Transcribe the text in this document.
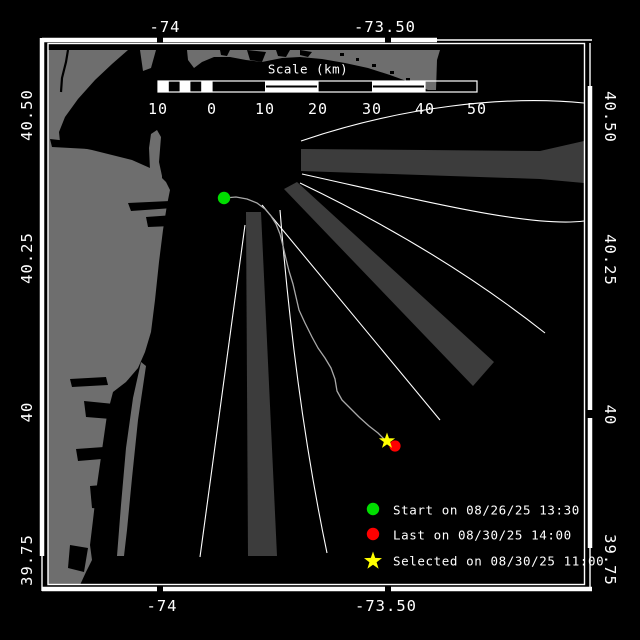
-74	-73.50
-74	-73.50
40.50
40.25
40
39.75
40.50
40.25
40
39.75
Scale (km)
10	0	10 20 30 40 50
Start on 08/26/25 13:30
Last on 08/30/25 14:00
Selected on 08/30/25 11:00
